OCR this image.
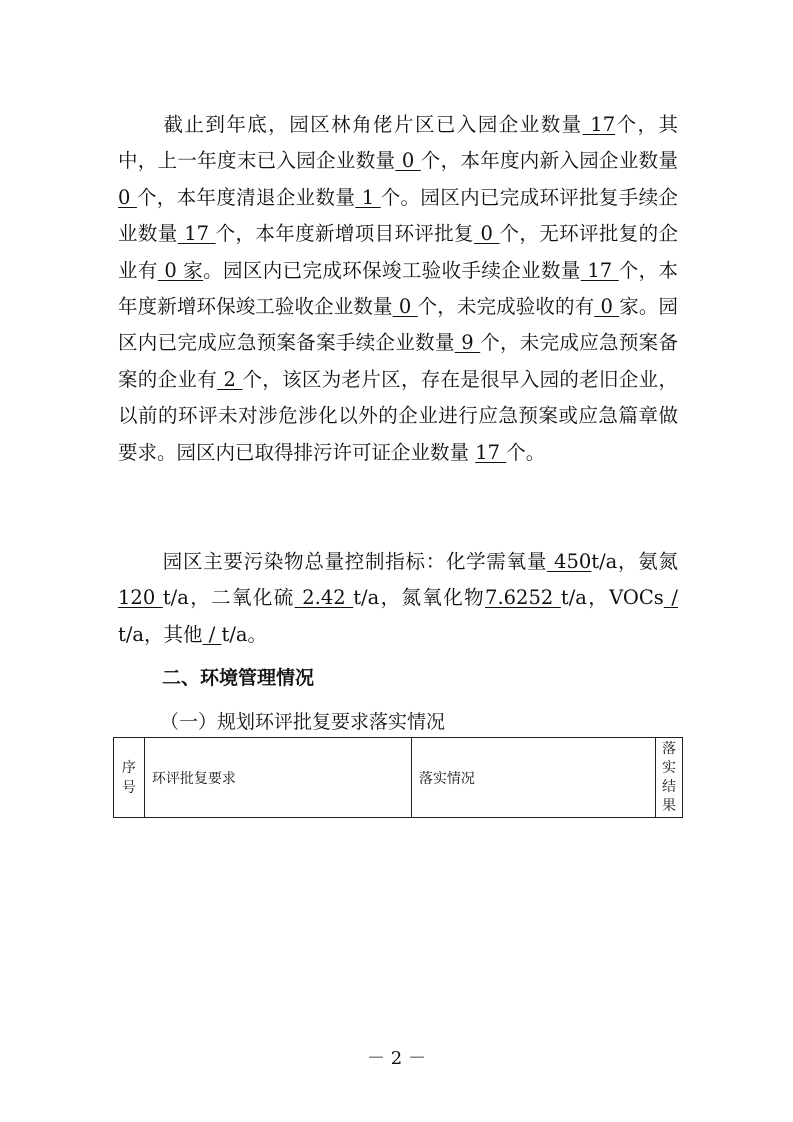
截止到年底，园区林角佬片区已入园企业数量 17个，其中，上一年度末已入园企业数量 0 个，本年度内新入园企业数量 0 个，本年度清退企业数量 1 个。园区内已完成环评批复手续企业数量 17 个，本年度新增项目环评批复 0 个，无环评批复的企业有 0 家。园区内已完成环保竣工验收手续企业数量 17 个，本年度新增环保竣工验收企业数量 0 个，未完成验收的有 0 家。园区内已完成应急预案备案手续企业数量 9 个，未完成应急预案备案的企业有 2 个，该区为老片区，存在是很早入园的老旧企业，以前的环评未对涉危涉化以外的企业进行应急预案或应急篇章做要求。园区内已取得排污许可证企业数量 17 个。

园区主要污染物总量控制指标：化学需氧量 450t/a，氨氮 120 t/a，二氧化硫 2.42 t/a，氮氧化物7.6252 t/a，VOCs / t/a，其他 / t/a。

二、环境管理情况

（一）规划环评批复要求落实情况

序号	环评批复要求	落实情况	落实结果

－ 2 －
